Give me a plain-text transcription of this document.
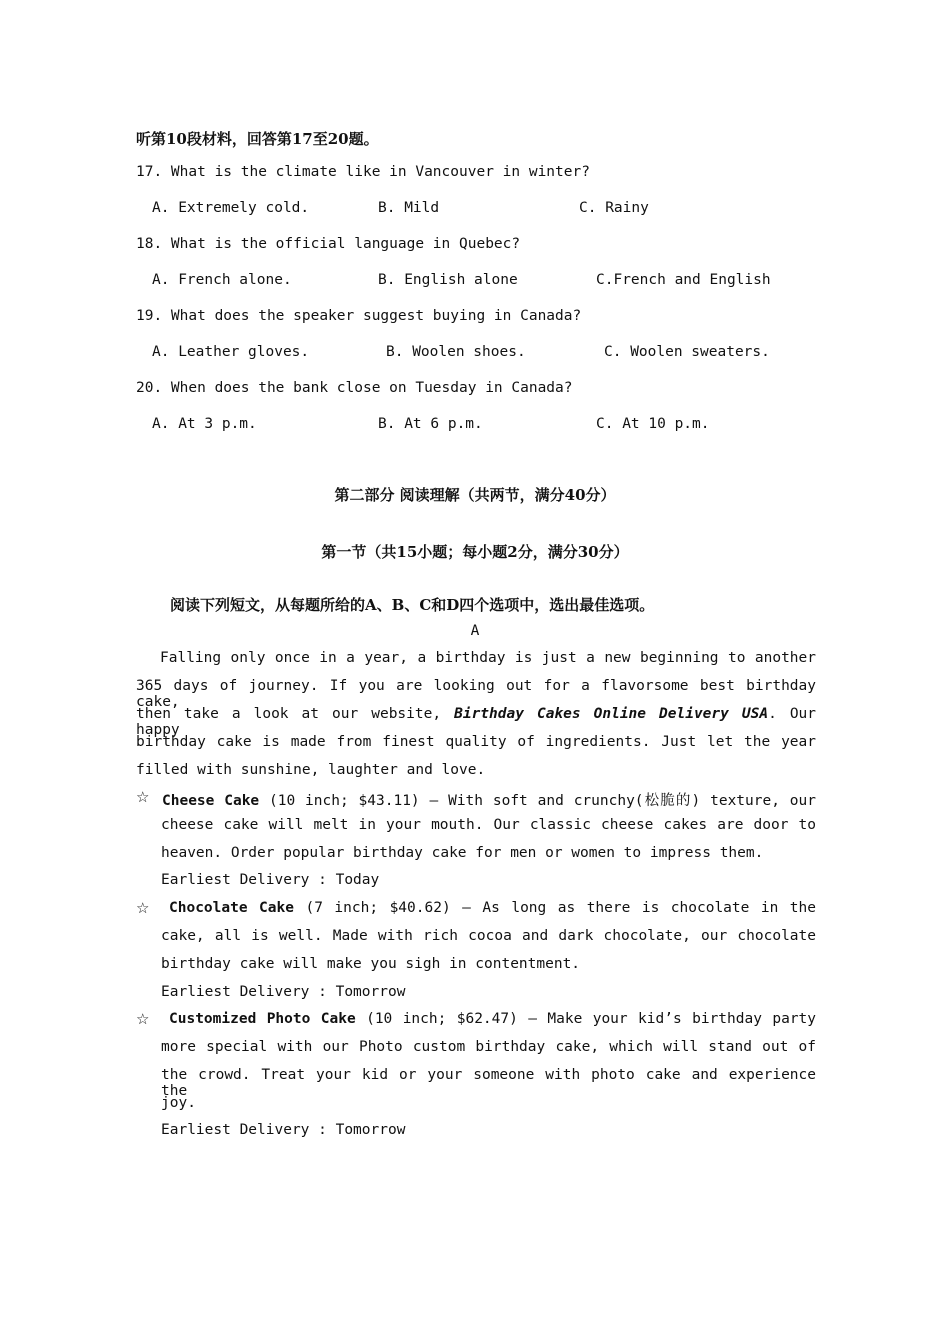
听第10段材料，回答第17至20题。
17. What is the climate like in Vancouver in winter?
A. Extremely cold.	B. Mild	C. Rainy
18. What is the official language in Quebec?
A. French alone.	B. English alone	C.French and English
19. What does the speaker suggest buying in Canada?
A. Leather gloves.	B. Woolen shoes.	C. Woolen sweaters.
20. When does the bank close on Tuesday in Canada?
A. At 3 p.m.	B. At 6 p.m.	C. At 10 p.m.
第二部分 阅读理解（共两节，满分40分）
第一节（共15小题；每小题2分，满分30分）
阅读下列短文，从每题所给的A、B、C和D四个选项中，选出最佳选项。
A
Falling only once in a year, a birthday is just a new beginning to another
365 days of journey. If you are looking out for a flavorsome best birthday cake,
then take a look at our website, Birthday Cakes Online Delivery USA. Our happy
birthday cake is made from finest quality of ingredients. Just let the year
filled with sunshine, laughter and love.
☆ Cheese Cake (10 inch; $43.11) — With soft and crunchy(松脆的) texture, our
cheese cake will melt in your mouth. Our classic cheese cakes are door to
heaven. Order popular birthday cake for men or women to impress them.
Earliest Delivery : Today
☆ Chocolate Cake (7 inch; $40.62) — As long as there is chocolate in the
cake, all is well. Made with rich cocoa and dark chocolate, our chocolate
birthday cake will make you sigh in contentment.
Earliest Delivery : Tomorrow
☆ Customized Photo Cake (10 inch; $62.47) — Make your kid’s birthday party
more special with our Photo custom birthday cake, which will stand out of
the crowd. Treat your kid or your someone with photo cake and experience the
joy.
Earliest Delivery : Tomorrow
